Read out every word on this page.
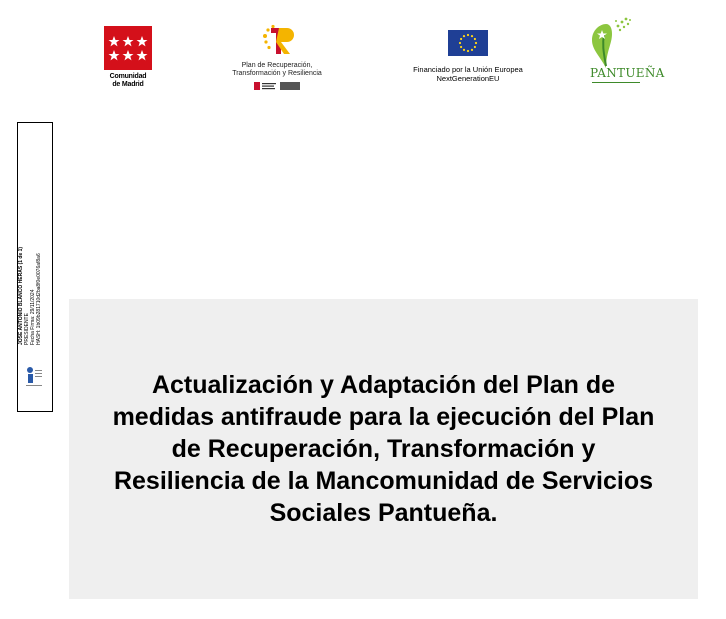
Comunidad
de Madrid
Plan de Recuperación,
Transformación y Resiliencia	Financiado por la Unión Europea
NextGenerationEU	PANTUEÑA
JOSE ANTONIO BLANCO HERAS (1 de 1) PRESIDENTE Fecha Firma: 29/11/2024 HASH: 1b09b281710d2ba8f0e0076af8a6

Actualización y Adaptación del Plan de medidas antifraude para la ejecución del Plan de Recuperación, Transformación y Resiliencia de la Mancomunidad de Servicios Sociales Pantueña.
